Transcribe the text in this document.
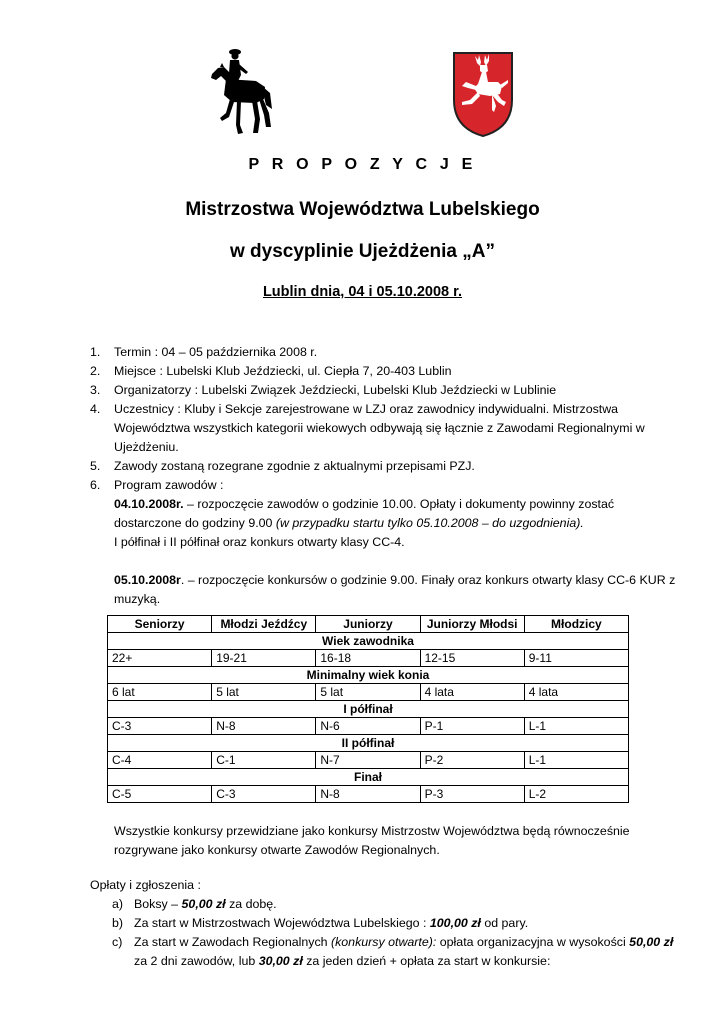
P R O P O Z Y C J E
Mistrzostwa Województwa Lubelskiego
w dyscyplinie Ujeżdżenia „A”
Lublin dnia, 04 i 05.10.2008 r.
1. Termin : 04 – 05 października 2008 r.
2. Miejsce : Lubelski Klub Jeździecki, ul. Ciepła 7, 20-403 Lublin
3. Organizatorzy : Lubelski Związek Jeździecki, Lubelski Klub Jeździecki w Lublinie
4. Uczestnicy : Kluby i Sekcje zarejestrowane w LZJ oraz zawodnicy indywidualni. Mistrzostwa
Województwa wszystkich kategorii wiekowych odbywają się łącznie z Zawodami Regionalnymi w
Ujeżdżeniu.
5. Zawody zostaną rozegrane zgodnie z aktualnymi przepisami PZJ.
6. Program zawodów :
04.10.2008r. – rozpoczęcie zawodów o godzinie 10.00. Opłaty i dokumenty powinny zostać
dostarczone do godziny 9.00 (w przypadku startu tylko 05.10.2008 – do uzgodnienia).
I półfinał i II półfinał oraz konkurs otwarty klasy CC-4.
05.10.2008r. – rozpoczęcie konkursów o godzinie 9.00. Finały oraz konkurs otwarty klasy CC-6 KUR z
muzyką.
Seniorzy	Młodzi Jeźdźcy	Juniorzy	Juniorzy Młodsi	Młodzicy
Wiek zawodnika				
22+	19-21	16-18	12-15	9-11
Minimalny wiek konia				
6 lat	5 lat	5 lat	4 lata	4 lata
I półfinał				
C-3	N-8	N-6	P-1	L-1
II półfinał				
C-4	C-1	N-7	P-2	L-1
Finał				
C-5	C-3	N-8	P-3	L-2
Wszystkie konkursy przewidziane jako konkursy Mistrzostw Województwa będą równocześnie
rozgrywane jako konkursy otwarte Zawodów Regionalnych.
Opłaty i zgłoszenia :
a) Boksy – 50,00 zł za dobę.
b) Za start w Mistrzostwach Województwa Lubelskiego : 100,00 zł od pary.
c) Za start w Zawodach Regionalnych (konkursy otwarte): opłata organizacyjna w wysokości 50,00 zł
za 2 dni zawodów, lub 30,00 zł za jeden dzień + opłata za start w konkursie:
